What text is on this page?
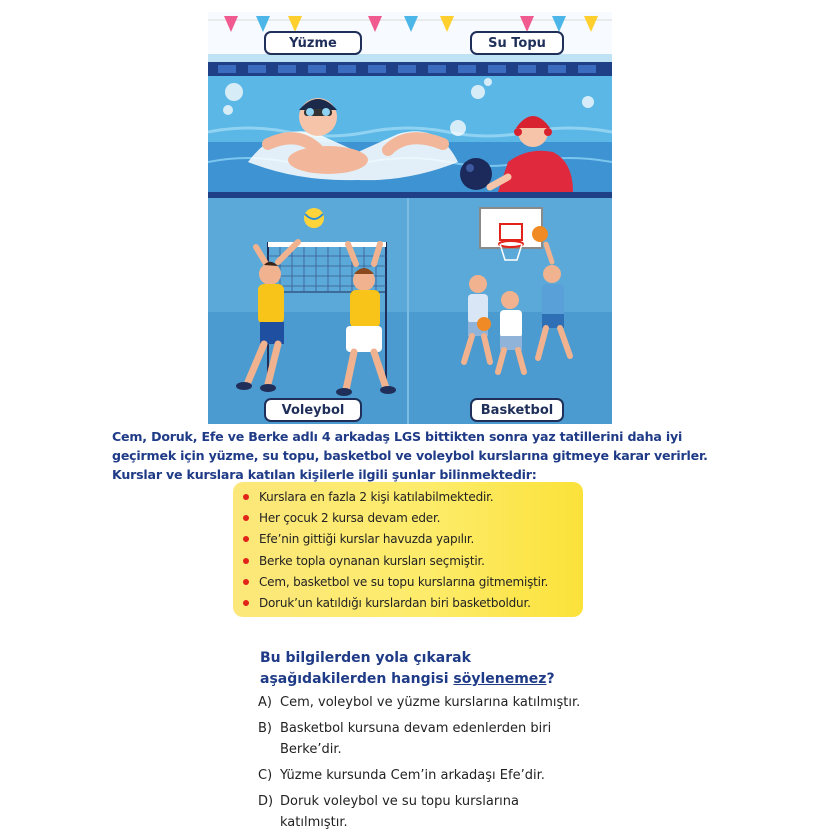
Yüzme	Su Topu
Voleybol	Basketbol

Cem, Doruk, Efe ve Berke adlı 4 arkadaş LGS bittikten sonra yaz tatillerini daha iyi geçirmek için yüzme, su topu, basketbol ve voleybol kurslarına gitmeye karar verirler. Kurslar ve kurslara katılan kişilerle ilgili şunlar bilinmektedir:

Kurslara en fazla 2 kişi katılabilmektedir.
Her çocuk 2 kursa devam eder.
Efe’nin gittiği kurslar havuzda yapılır.
Berke topla oynanan kursları seçmiştir.
Cem, basketbol ve su topu kurslarına gitmemiştir.
Doruk’un katıldığı kurslardan biri basketboldur.

Bu bilgilerden yola çıkarak aşağıdakilerden hangisi söylenemez?

A) Cem, voleybol ve yüzme kurslarına katılmıştır.
B) Basketbol kursuna devam edenlerden biri Berke’dir.
C) Yüzme kursunda Cem’in arkadaşı Efe’dir.
D) Doruk voleybol ve su topu kurslarına katılmıştır.
